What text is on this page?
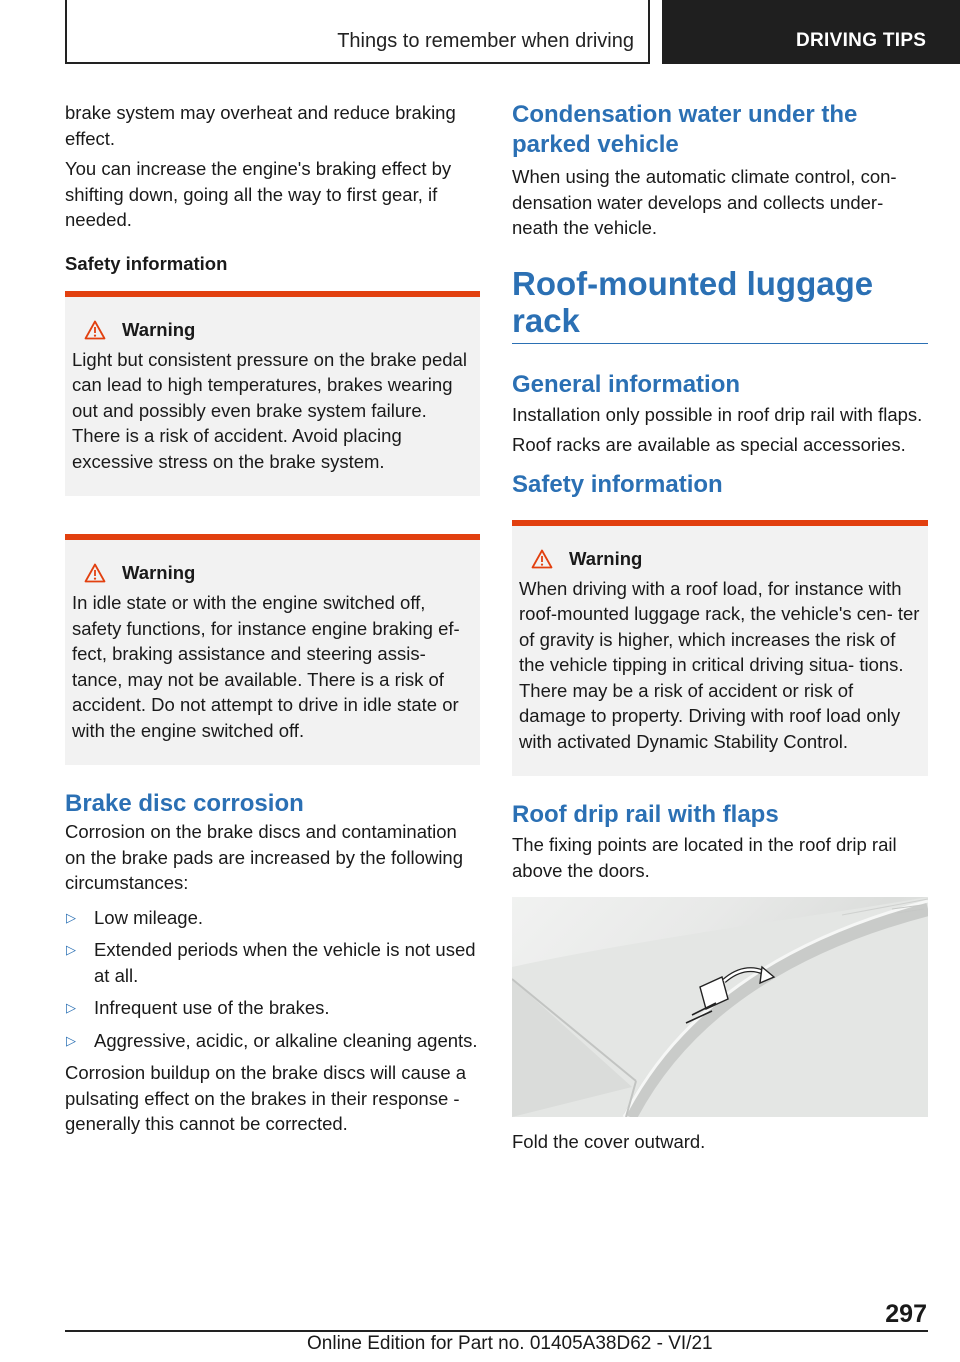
Things to remember when driving	DRIVING TIPS

brake system may overheat and reduce braking effect.

You can increase the engine's braking effect by shifting down, going all the way to first gear, if needed.

Safety information
Warning

Light but consistent pressure on the brake pedal can lead to high temperatures, brakes wearing out and possibly even brake system failure. There is a risk of accident. Avoid placing excessive stress on the brake system.

Warning

In idle state or with the engine switched off, safety functions, for instance engine braking ef- fect, braking assistance and steering assis- tance, may not be available. There is a risk of accident. Do not attempt to drive in idle state or with the engine switched off.

Brake disc corrosion

Corrosion on the brake discs and contamination on the brake pads are increased by the following circumstances:

▷ Low mileage.
▷ Extended periods when the vehicle is not used at all.
▷ Infrequent use of the brakes.
▷ Aggressive, acidic, or alkaline cleaning agents.

Corrosion buildup on the brake discs will cause a pulsating effect on the brakes in their response - generally this cannot be corrected.

Condensation water under the parked vehicle

When using the automatic climate control, con- densation water develops and collects under- neath the vehicle.

Roof-mounted luggage rack
General information

Installation only possible in roof drip rail with flaps.

Roof racks are available as special accessories.

Safety information
Warning

When driving with a roof load, for instance with roof-mounted luggage rack, the vehicle's cen- ter of gravity is higher, which increases the risk of the vehicle tipping in critical driving situa- tions. There may be a risk of accident or risk of damage to property. Driving with roof load only with activated Dynamic Stability Control.

Roof drip rail with flaps

The fixing points are located in the roof drip rail above the doors.

Fold the cover outward.

297
Online Edition for Part no. 01405A38D62 - VI/21
